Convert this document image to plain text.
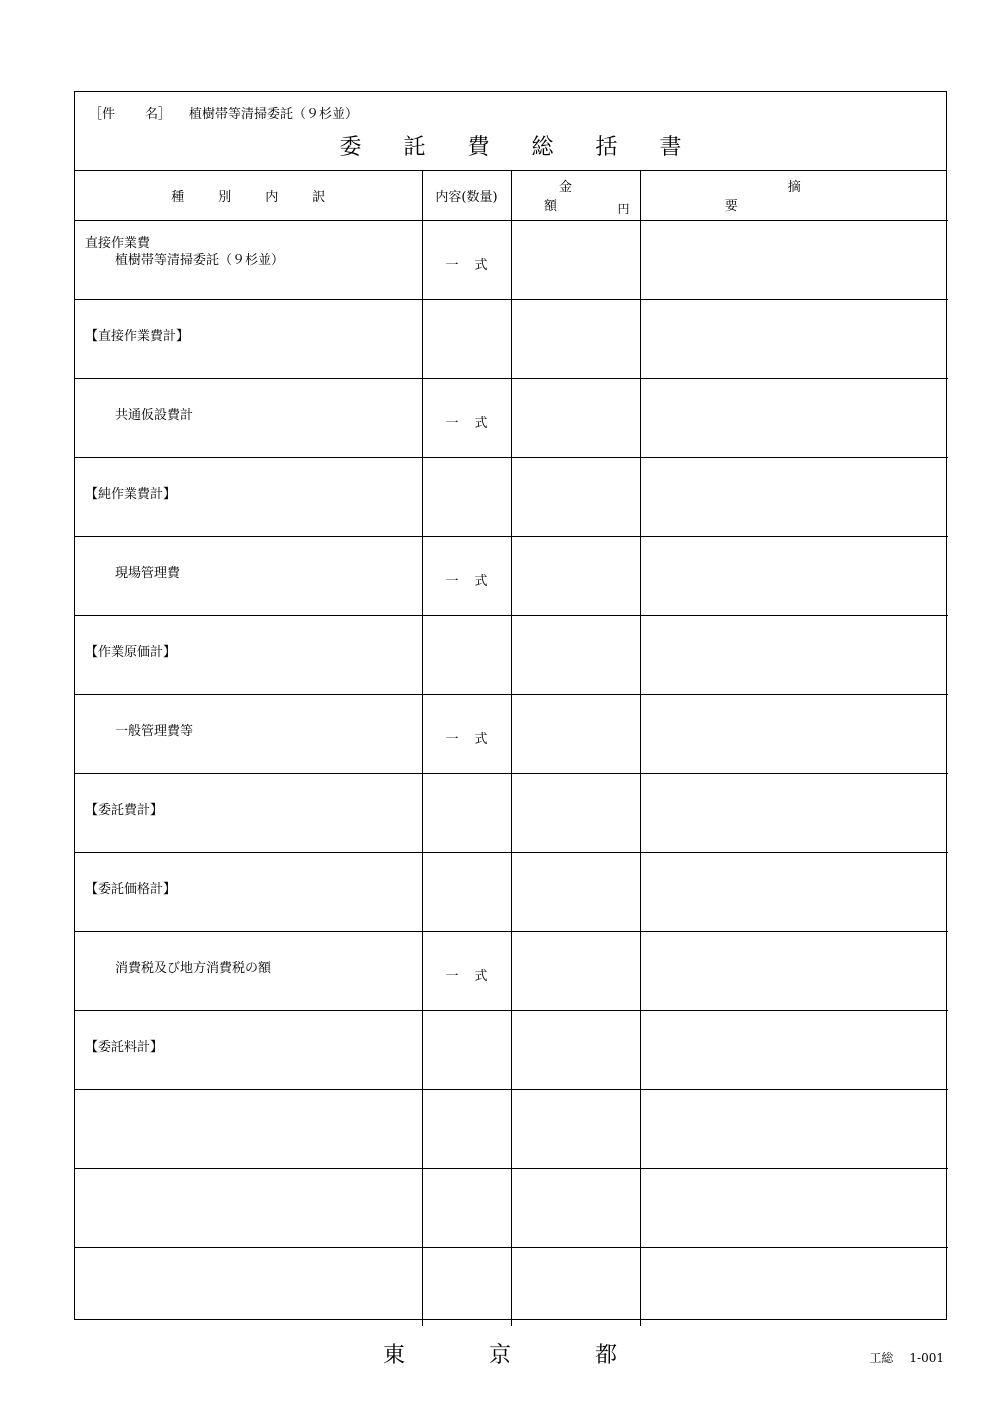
［件 名］ 植樹帯等清掃委託（９杉並）
委託費総括書
種別内訳	内容(数量)	金額 円	摘要

直接作業費
植樹帯等清掃委託（９杉並）	一式		

【直接作業費計】			

共通仮設費計	一式		

【純作業費計】			

現場管理費	一式		

【作業原価計】			

一般管理費等	一式		

【委託費計】			

【委託価格計】			

消費税及び地方消費税の額	一式		

【委託料計】			

東京都	工総 1-001
